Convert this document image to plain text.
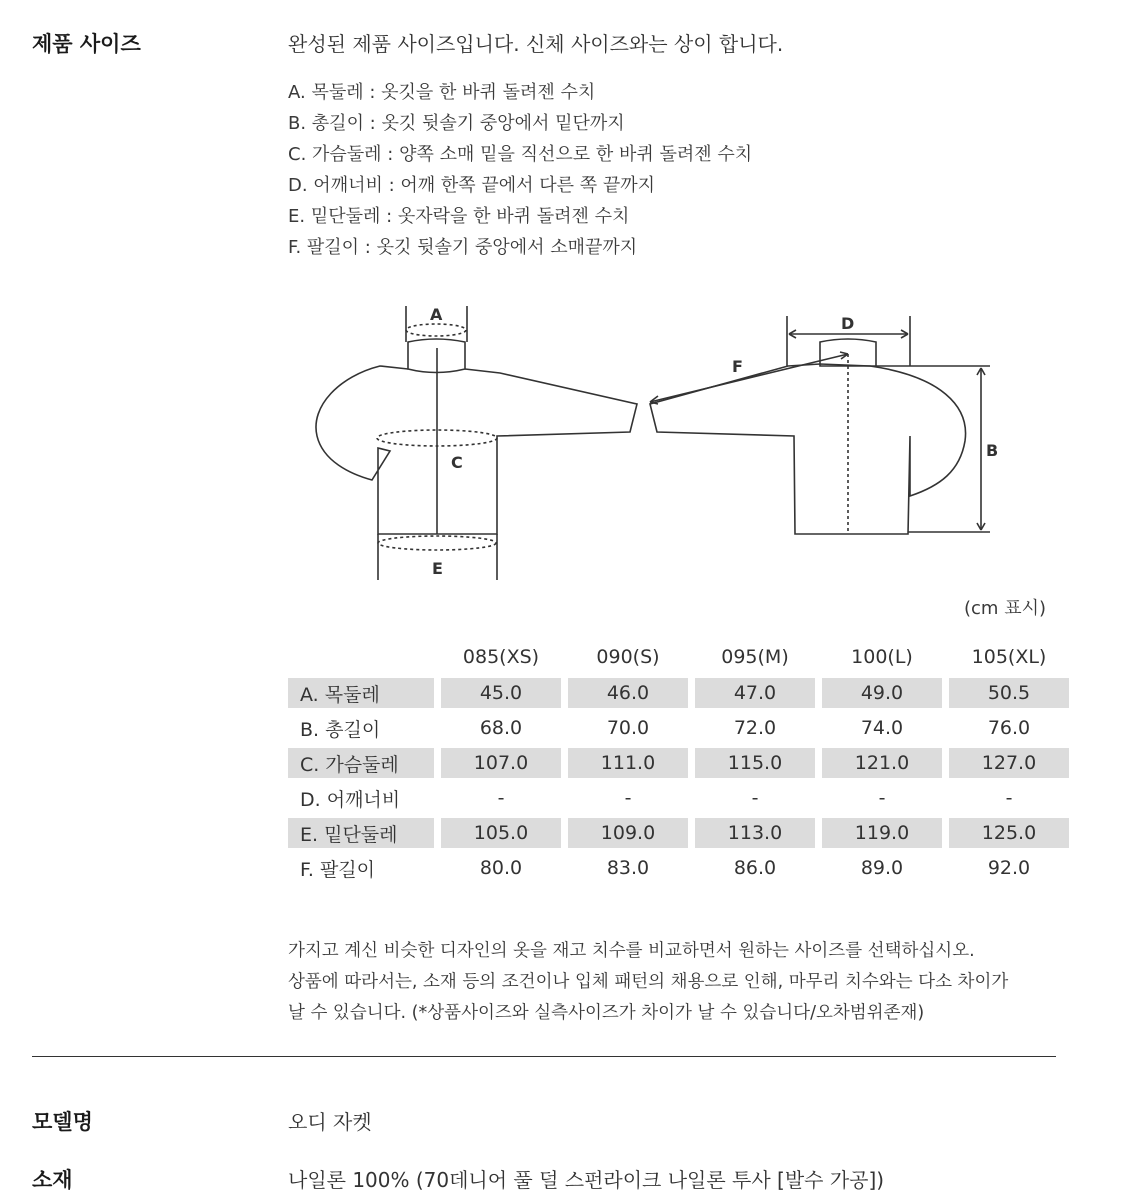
제품 사이즈	완성된 제품 사이즈입니다. 신체 사이즈와는 상이 합니다.
A. 목둘레 : 옷깃을 한 바퀴 돌려젠 수치
B. 총길이 : 옷깃 뒷솔기 중앙에서 밑단까지
C. 가슴둘레 : 양쪽 소매 밑을 직선으로 한 바퀴 돌려젠 수치
D. 어깨너비 : 어깨 한쪽 끝에서 다른 쪽 끝까지
E. 밑단둘레 : 옷자락을 한 바퀴 돌려젠 수치
F. 팔길이 : 옷깃 뒷솔기 중앙에서 소매끝까지
A
C
E
D
F
B
(cm 표시)
	085(XS)	090(S)	095(M)	100(L)	105(XL)
A. 목둘레	45.0	46.0	47.0	49.0	50.5
B. 총길이	68.0	70.0	72.0	74.0	76.0
C. 가슴둘레	107.0	111.0	115.0	121.0	127.0
D. 어깨너비	-	-	-	-	-
E. 밑단둘레	105.0	109.0	113.0	119.0	125.0
F. 팔길이	80.0	83.0	86.0	89.0	92.0
가지고 계신 비슷한 디자인의 옷을 재고 치수를 비교하면서 원하는 사이즈를 선택하십시오.
상품에 따라서는, 소재 등의 조건이나 입체 패턴의 채용으로 인해, 마무리 치수와는 다소 차이가
날 수 있습니다. (*상품사이즈와 실측사이즈가 차이가 날 수 있습니다/오차범위존재)
모델명	오디 자켓
소재	나일론 100% (70데니어 풀 덜 스펀라이크 나일론 투사 [발수 가공])
